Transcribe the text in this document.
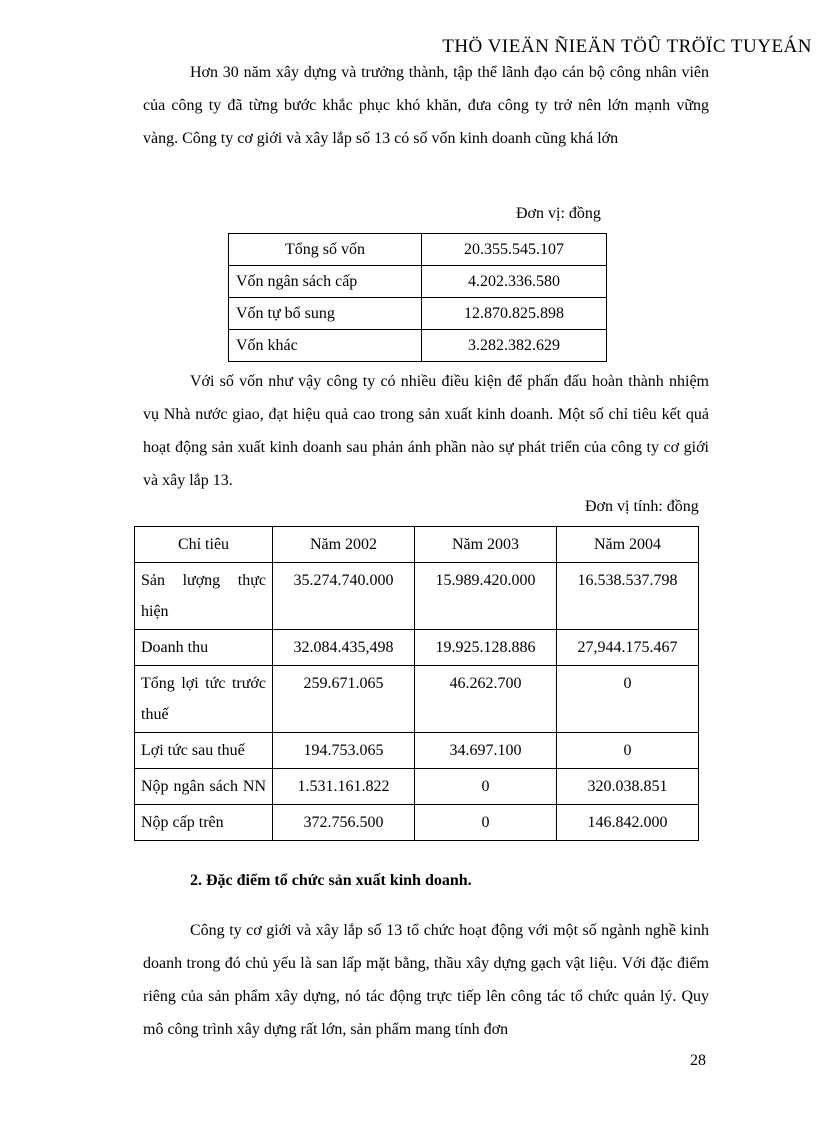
THÖ VIEÄN ÑIEÄN TÖÛ TRÖÏC TUYEÁN

Hơn 30 năm xây dựng và trưởng thành, tập thể lãnh đạo cán bộ công nhân viên của công ty đã từng bước khắc phục khó khăn, đưa công ty trở nên lớn mạnh vững vàng. Công ty cơ giới và xây lắp số 13 có số vốn kinh doanh cũng khá lớn

Đơn vị: đồng
Tổng số vốn	20.355.545.107
Vốn ngân sách cấp	4.202.336.580
Vốn tự bổ sung	12.870.825.898
Vốn khác	3.282.382.629

Với số vốn như vậy công ty có nhiều điều kiện để phấn đấu hoàn thành nhiệm vụ Nhà nước giao, đạt hiệu quả cao trong sản xuất kinh doanh. Một số chỉ tiêu kết quả hoạt động sản xuất kinh doanh sau phản ánh phần nào sự phát triển của công ty cơ giới và xây lắp 13.

Đơn vị tính: đồng
Chỉ tiêu	Năm 2002	Năm 2003	Năm 2004
Sản lượng thực hiện	35.274.740.000	15.989.420.000	16.538.537.798
Doanh thu	32.084.435,498	19.925.128.886	27,944.175.467
Tổng lợi tức trước thuế	259.671.065	46.262.700	0
Lợi tức sau thuế	194.753.065	34.697.100	0
Nộp ngân sách NN	1.531.161.822	0	320.038.851
Nộp cấp trên	372.756.500	0	146.842.000

2. Đặc điểm tổ chức sản xuất kinh doanh.

Công ty cơ giới và xây lắp số 13 tổ chức hoạt động với một số ngành nghề kinh doanh trong đó chủ yếu là san lấp mặt bằng, thầu xây dựng gạch vật liệu. Với đặc điểm riêng của sản phẩm xây dựng, nó tác động trực tiếp lên công tác tổ chức quản lý. Quy mô công trình xây dựng rất lớn, sản phẩm mang tính đơn

28
